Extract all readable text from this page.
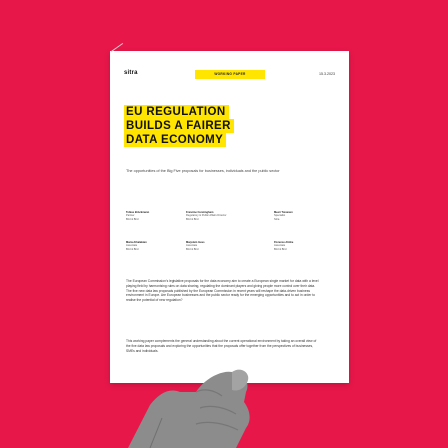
sitra	WORKING PAPER	15.3.2023
EU REGULATION
BUILDS A FAIRER
DATA ECONOMY
The opportunities of the Big Five proposals for businesses, individuals and the public sector
Tobias Bröckmann
Partner
Bird & Bird
Francine Cunningham
Regulatory & Public Affairs Director
Bird & Bird
Meeri Toivanen
Specialist
Sitra
Maria Athalabian
Associate
Bird & Bird
Marjolein Geus
Associate
Bird & Bird
Florence Alinhe
Associate
Bird & Bird
The European Commission's legislative proposals for the data economy aim to create a European single market for data with a level playing field by harmonising rules on data sharing, regulating the dominant players and giving people more control over their data. The five new data law proposals published by the European Commission in recent years will reshape the data-driven business environment in Europe. Are European businesses and the public sector ready for the emerging opportunities and to act in order to realise the potential of new regulation?
This working paper complements the general understanding about the current operational environment by taking an overall view of the five data law proposals and exploring the opportunities that the proposals offer together from the perspectives of businesses, SMEs and individuals.
